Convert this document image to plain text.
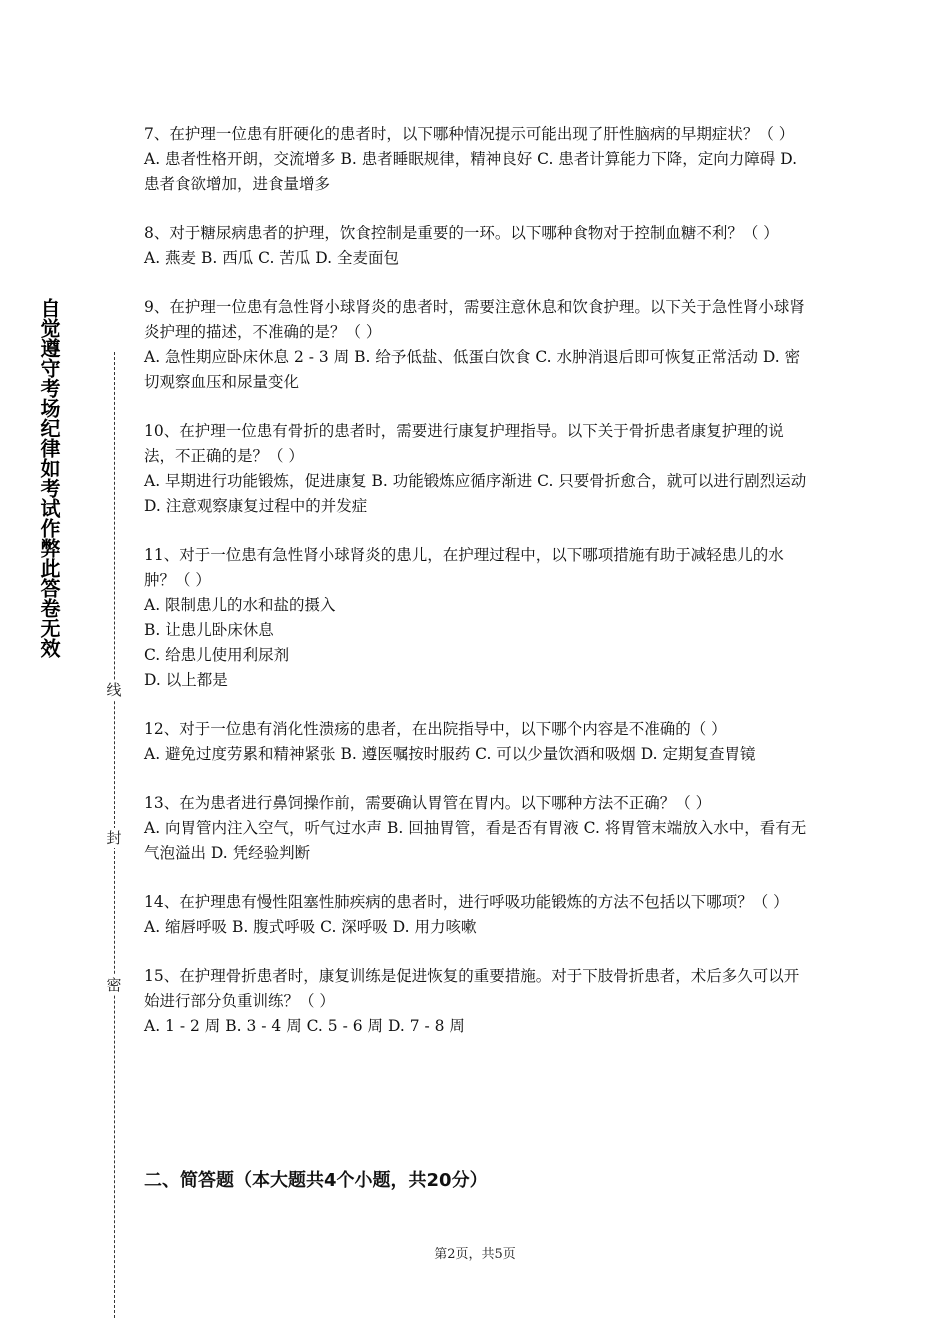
自觉遵守考场纪律如考试作弊此答卷无效
线
封
密

7、在护理一位患有肝硬化的患者时，以下哪种情况提示可能出现了肝性脑病的早期症状？（ ）

A. 患者性格开朗，交流增多 B. 患者睡眠规律，精神良好 C. 患者计算能力下降，定向力障碍 D. 患者食欲增加，进食量增多

8、对于糖尿病患者的护理，饮食控制是重要的一环。以下哪种食物对于控制血糖不利？（ ）

A. 燕麦 B. 西瓜 C. 苦瓜 D. 全麦面包

9、在护理一位患有急性肾小球肾炎的患者时，需要注意休息和饮食护理。以下关于急性肾小球肾炎护理的描述，不准确的是？（ ）

A. 急性期应卧床休息 2 - 3 周 B. 给予低盐、低蛋白饮食 C. 水肿消退后即可恢复正常活动 D. 密切观察血压和尿量变化

10、在护理一位患有骨折的患者时，需要进行康复护理指导。以下关于骨折患者康复护理的说法，不正确的是？（ ）

A. 早期进行功能锻炼，促进康复 B. 功能锻炼应循序渐进 C. 只要骨折愈合，就可以进行剧烈运动 D. 注意观察康复过程中的并发症

11、对于一位患有急性肾小球肾炎的患儿，在护理过程中，以下哪项措施有助于减轻患儿的水肿？（ ）

A. 限制患儿的水和盐的摄入

B. 让患儿卧床休息

C. 给患儿使用利尿剂

D. 以上都是

12、对于一位患有消化性溃疡的患者，在出院指导中，以下哪个内容是不准确的（ ）

A. 避免过度劳累和精神紧张 B. 遵医嘱按时服药 C. 可以少量饮酒和吸烟 D. 定期复查胃镜

13、在为患者进行鼻饲操作前，需要确认胃管在胃内。以下哪种方法不正确？（ ）

A. 向胃管内注入空气，听气过水声 B. 回抽胃管，看是否有胃液 C. 将胃管末端放入水中，看有无气泡溢出 D. 凭经验判断

14、在护理患有慢性阻塞性肺疾病的患者时，进行呼吸功能锻炼的方法不包括以下哪项？（ ）

A. 缩唇呼吸 B. 腹式呼吸 C. 深呼吸 D. 用力咳嗽

15、在护理骨折患者时，康复训练是促进恢复的重要措施。对于下肢骨折患者，术后多久可以开始进行部分负重训练？（ ）

A. 1 - 2 周 B. 3 - 4 周 C. 5 - 6 周 D. 7 - 8 周

二、简答题（本大题共4个小题，共20分）
第2页，共5页
